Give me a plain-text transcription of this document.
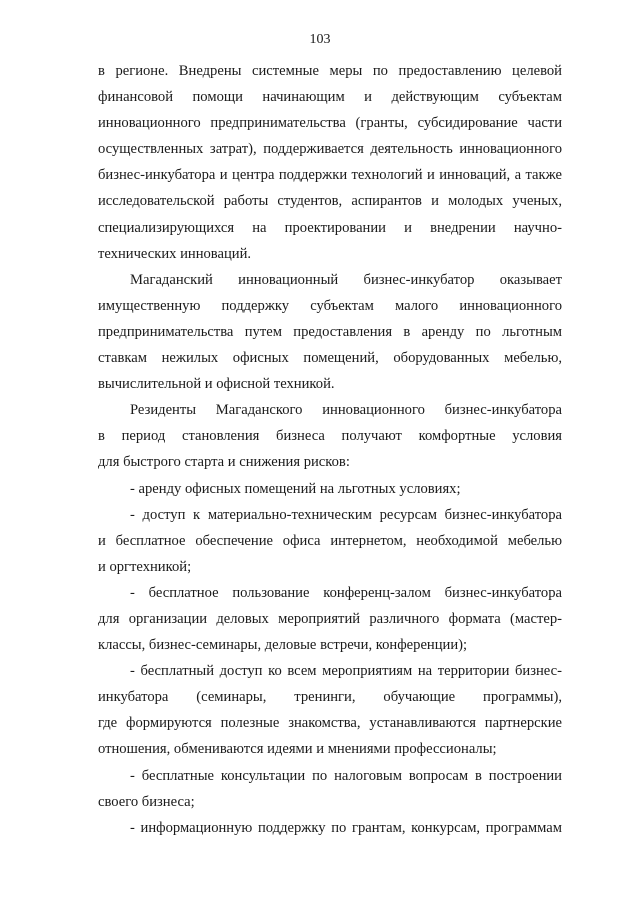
103
в регионе. Внедрены системные меры по предоставлению целевой
финансовой помощи начинающим и действующим субъектам
инновационного предпринимательства (гранты, субсидирование части
осуществленных затрат), поддерживается деятельность инновационного
бизнес-инкубатора и центра поддержки технологий и инноваций, а также
исследовательской работы студентов, аспирантов и молодых ученых,
специализирующихся на проектировании и внедрении научно-
технических инноваций.
Магаданский инновационный бизнес-инкубатор оказывает
имущественную поддержку субъектам малого инновационного
предпринимательства путем предоставления в аренду по льготным
ставкам нежилых офисных помещений, оборудованных мебелью,
вычислительной и офисной техникой.
Резиденты Магаданского инновационного бизнес-инкубатора
в период становления бизнеса получают комфортные условия
для быстрого старта и снижения рисков:
- аренду офисных помещений на льготных условиях;
- доступ к материально-техническим ресурсам бизнес-инкубатора
и бесплатное обеспечение офиса интернетом, необходимой мебелью
и оргтехникой;
- бесплатное пользование конференц-залом бизнес-инкубатора
для организации деловых мероприятий различного формата (мастер-
классы, бизнес-семинары, деловые встречи, конференции);
- бесплатный доступ ко всем мероприятиям на территории бизнес-
инкубатора (семинары, тренинги, обучающие программы),
где формируются полезные знакомства, устанавливаются партнерские
отношения, обмениваются идеями и мнениями профессионалы;
- бесплатные консультации по налоговым вопросам в построении
своего бизнеса;
- информационную поддержку по грантам, конкурсам, программам
